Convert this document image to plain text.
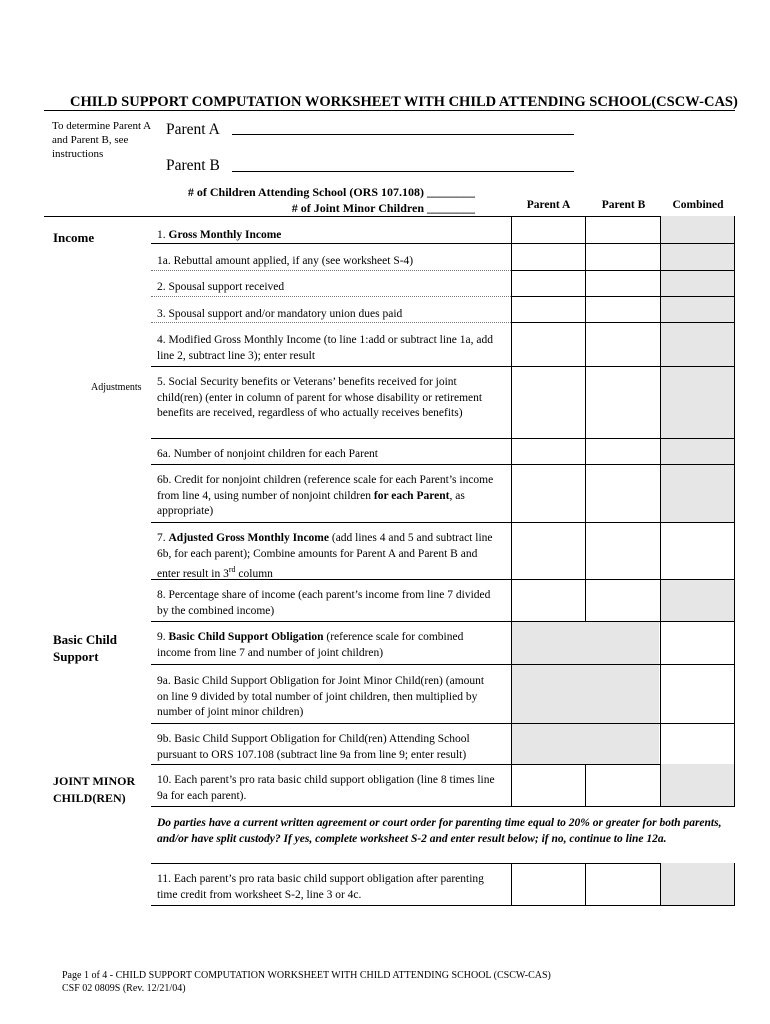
CHILD SUPPORT COMPUTATION WORKSHEET WITH CHILD ATTENDING SCHOOL(CSCW-CAS)
To determine Parent A and Parent B, see instructions
Parent A
Parent B
# of Children Attending School (ORS 107.108) ________
# of Joint Minor Children ________	Parent A	Parent B	Combined
Income
Adjustments
Basic Child Support
JOINT MINOR CHILD(REN)
1. Gross Monthly Income
1a. Rebuttal amount applied, if any (see worksheet S-4)
2. Spousal support received
3. Spousal support and/or mandatory union dues paid
4. Modified Gross Monthly Income (to line 1:add or subtract line 1a, add line 2, subtract line 3); enter result
5. Social Security benefits or Veterans’ benefits received for joint child(ren) (enter in column of parent for whose disability or retirement benefits are received, regardless of who actually receives benefits)
6a. Number of nonjoint children for each Parent
6b. Credit for nonjoint children (reference scale for each Parent’s income from line 4, using number of nonjoint children for each Parent, as appropriate)
7. Adjusted Gross Monthly Income (add lines 4 and 5 and subtract line 6b, for each parent); Combine amounts for Parent A and Parent B and enter result in 3rd column
8. Percentage share of income (each parent’s income from line 7 divided by the combined income)
9. Basic Child Support Obligation (reference scale for combined income from line 7 and number of joint children)
9a. Basic Child Support Obligation for Joint Minor Child(ren) (amount on line 9 divided by total number of joint children, then multiplied by number of joint minor children)
9b. Basic Child Support Obligation for Child(ren) Attending School pursuant to ORS 107.108 (subtract line 9a from line 9; enter result)
10. Each parent’s pro rata basic child support obligation (line 8 times line 9a for each parent).
Do parties have a current written agreement or court order for parenting time equal to 20% or greater for both parents, and/or have split custody? If yes, complete worksheet S-2 and enter result below; if no, continue to line 12a.
11. Each parent’s pro rata basic child support obligation after parenting time credit from worksheet S-2, line 3 or 4c.
Page 1 of 4 - CHILD SUPPORT COMPUTATION WORKSHEET WITH CHILD ATTENDING SCHOOL (CSCW-CAS)
CSF 02 0809S (Rev. 12/21/04)
